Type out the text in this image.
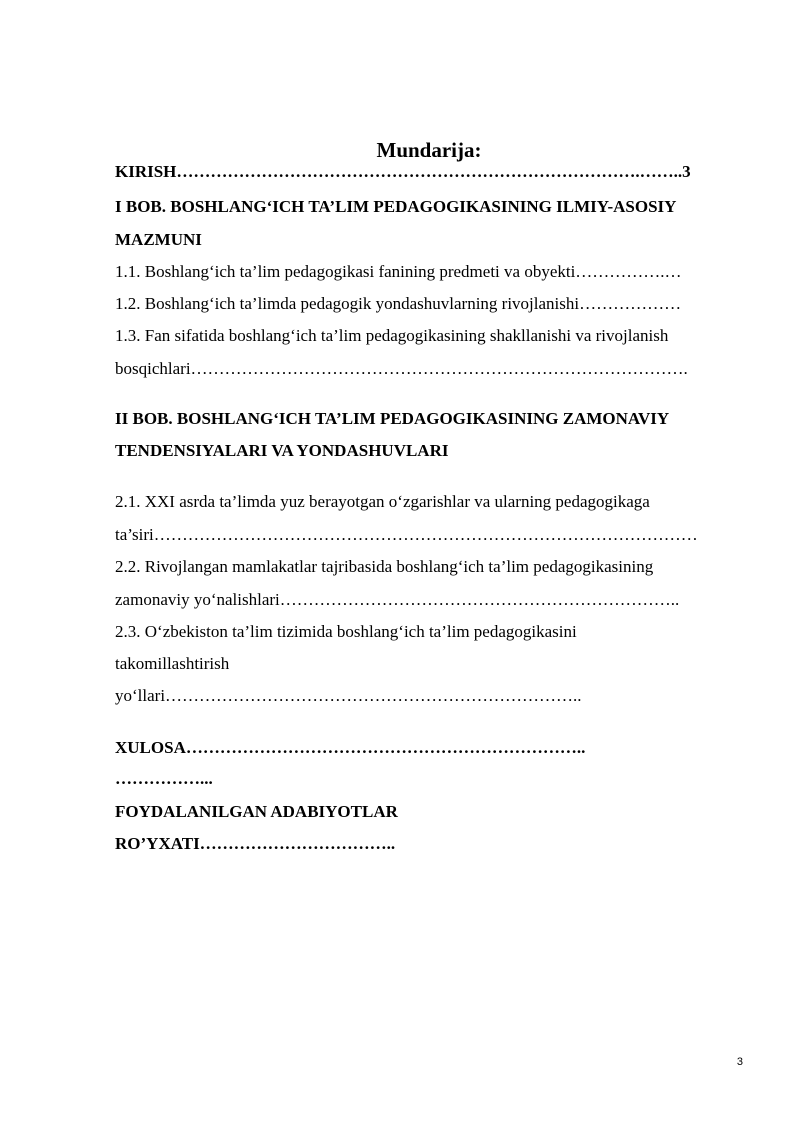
Mundarija:
KIRISH……………………………………………………………………….……..3
I BOB. BOSHLANG‘ICH TA’LIM PEDAGOGIKASINING ILMIY-ASOSIY
MAZMUNI
1.1. Boshlang‘ich ta’lim pedagogikasi fanining predmeti va obyekti…………….…
1.2. Boshlang‘ich ta’limda pedagogik yondashuvlarning rivojlanishi………………
1.3. Fan sifatida boshlang‘ich ta’lim pedagogikasining shakllanishi va rivojlanish
bosqichlari…………………………………………………………………………….
II BOB. BOSHLANG‘ICH TA’LIM PEDAGOGIKASINING ZAMONAVIY
TENDENSIYALARI VA YONDASHUVLARI
2.1. XXI asrda ta’limda yuz berayotgan o‘zgarishlar va ularning pedagogikaga
ta’siri……………………………………………………………………………………
2.2. Rivojlangan mamlakatlar tajribasida boshlang‘ich ta’lim pedagogikasining
zamonaviy yo‘nalishlari……………………………………………………………..
2.3. O‘zbekiston ta’lim tizimida boshlang‘ich ta’lim pedagogikasini
takomillashtirish
yo‘llari………………………………………………………………..
XULOSA……………………………………………………………..
……………...
FOYDALANILGAN ADABIYOTLAR
RO’YXATI……………………………..
3
